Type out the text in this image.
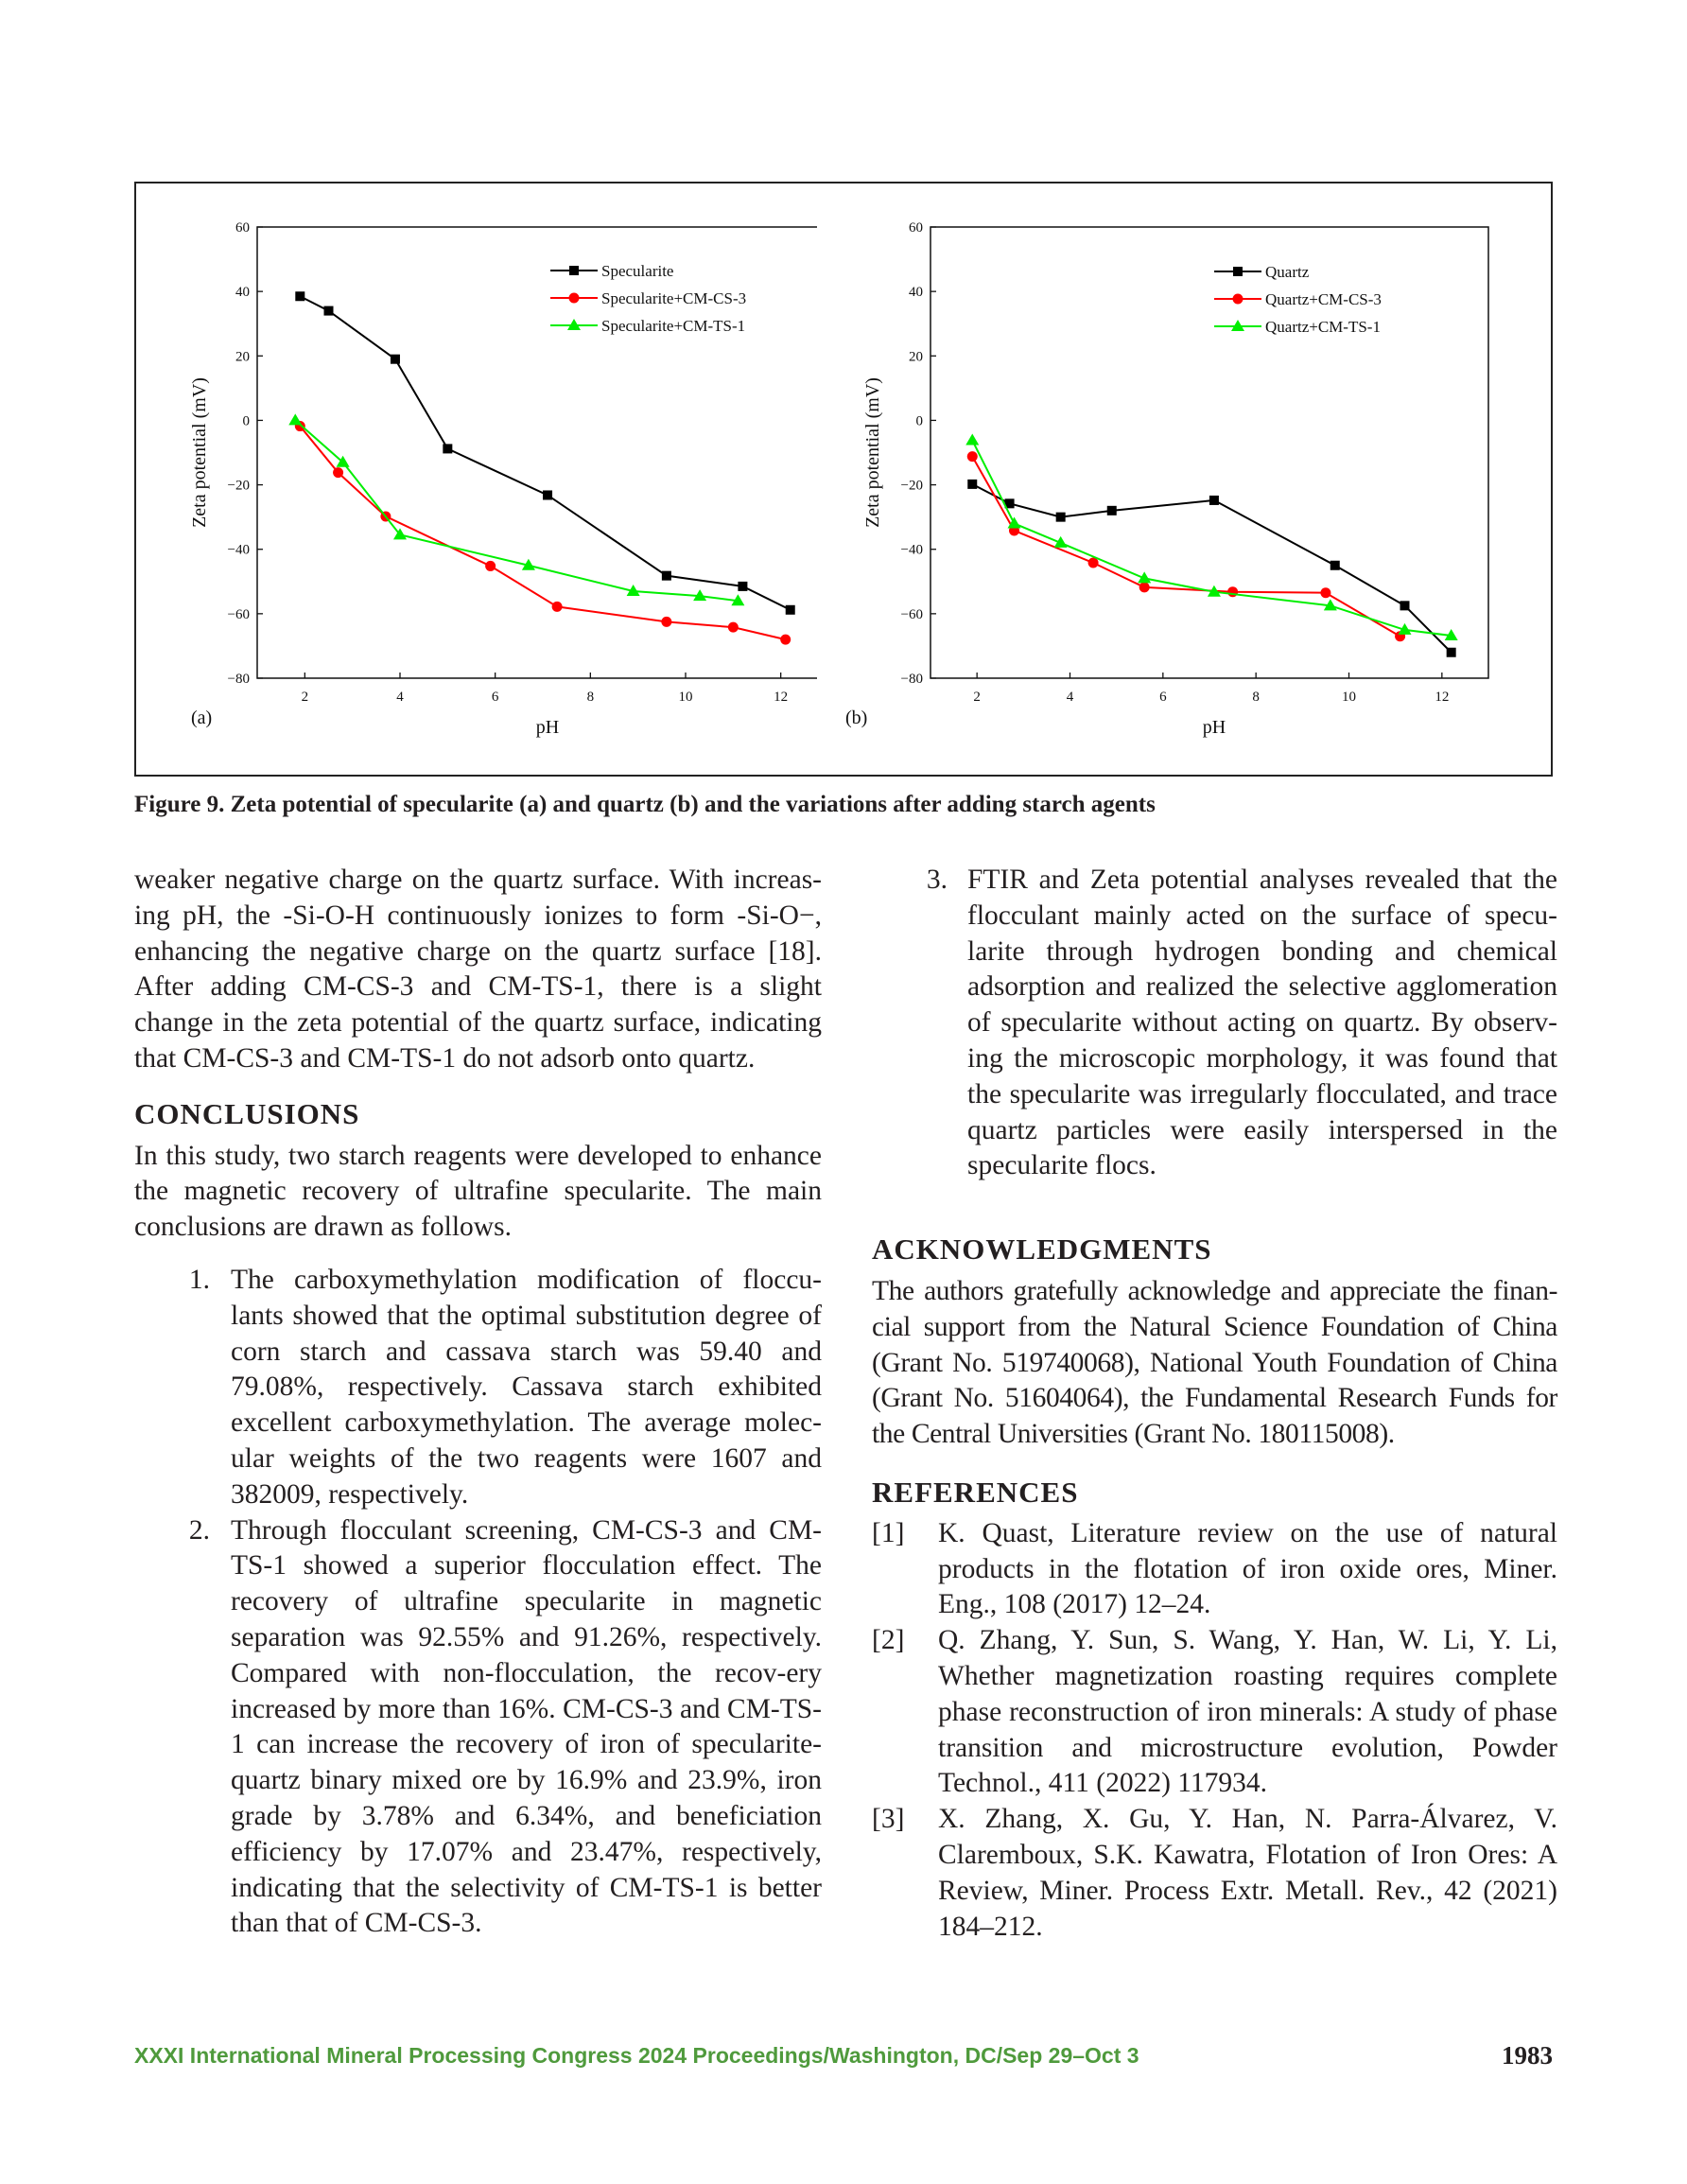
60
40
20
0
−20
−40
−60
−80
2	4	6	8	10	12
pH
Zeta potential (mV)
(a)
Specularite
Specularite+CM-CS-3
Specularite+CM-TS-1
60
40
20
0
−20
−40
−60
−80
2	4	6	8	10	12
pH
Zeta potential (mV)
(b)
Quartz
Quartz+CM-CS-3
Quartz+CM-TS-1
Figure 9. Zeta potential of specularite (a) and quartz (b) and the variations after adding starch agents

weaker negative charge on the quartz surface. With increas-ing pH, the -Si-O-H continuously ionizes to form -Si-O−, enhancing the negative charge on the quartz surface [18]. After adding CM-CS-3 and CM-TS-1, there is a slight change in the zeta potential of the quartz surface, indicating that CM-CS-3 and CM-TS-1 do not adsorb onto quartz.

CONCLUSIONS

In this study, two starch reagents were developed to enhance the magnetic recovery of ultrafine specularite. The main conclusions are drawn as follows.

1. The carboxymethylation modification of floccu-lants showed that the optimal substitution degree of corn starch and cassava starch was 59.40 and 79.08%, respectively. Cassava starch exhibited excellent carboxymethylation. The average molec-ular weights of the two reagents were 1607 and 382009, respectively.
2. Through flocculant screening, CM-CS-3 and CM-TS-1 showed a superior flocculation effect. The recovery of ultrafine specularite in magnetic separation was 92.55% and 91.26%, respectively. Compared with non-flocculation, the recov-ery increased by more than 16%. CM-CS-3 and CM-TS-1 can increase the recovery of iron of specularite-quartz binary mixed ore by 16.9% and 23.9%, iron grade by 3.78% and 6.34%, and beneficiation efficiency by 17.07% and 23.47%, respectively, indicating that the selectivity of CM-TS-1 is better than that of CM-CS-3.
3. FTIR and Zeta potential analyses revealed that the flocculant mainly acted on the surface of specu-larite through hydrogen bonding and chemical adsorption and realized the selective agglomeration of specularite without acting on quartz. By observ-ing the microscopic morphology, it was found that the specularite was irregularly flocculated, and trace quartz particles were easily interspersed in the specularite flocs.
ACKNOWLEDGMENTS

The authors gratefully acknowledge and appreciate the finan-cial support from the Natural Science Foundation of China (Grant No. 519740068), National Youth Foundation of China (Grant No. 51604064), the Fundamental Research Funds for the Central Universities (Grant No. 180115008).

REFERENCES
[1] K. Quast, Literature review on the use of natural products in the flotation of iron oxide ores, Miner. Eng., 108 (2017) 12–24.
[2] Q. Zhang, Y. Sun, S. Wang, Y. Han, W. Li, Y. Li, Whether magnetization roasting requires complete phase reconstruction of iron minerals: A study of phase transition and microstructure evolution, Powder Technol., 411 (2022) 117934.
[3] X. Zhang, X. Gu, Y. Han, N. Parra-Álvarez, V. Claremboux, S.K. Kawatra, Flotation of Iron Ores: A Review, Miner. Process Extr. Metall. Rev., 42 (2021) 184–212.
XXXI International Mineral Processing Congress 2024 Proceedings/Washington, DC/Sep 29–Oct 3	1983
